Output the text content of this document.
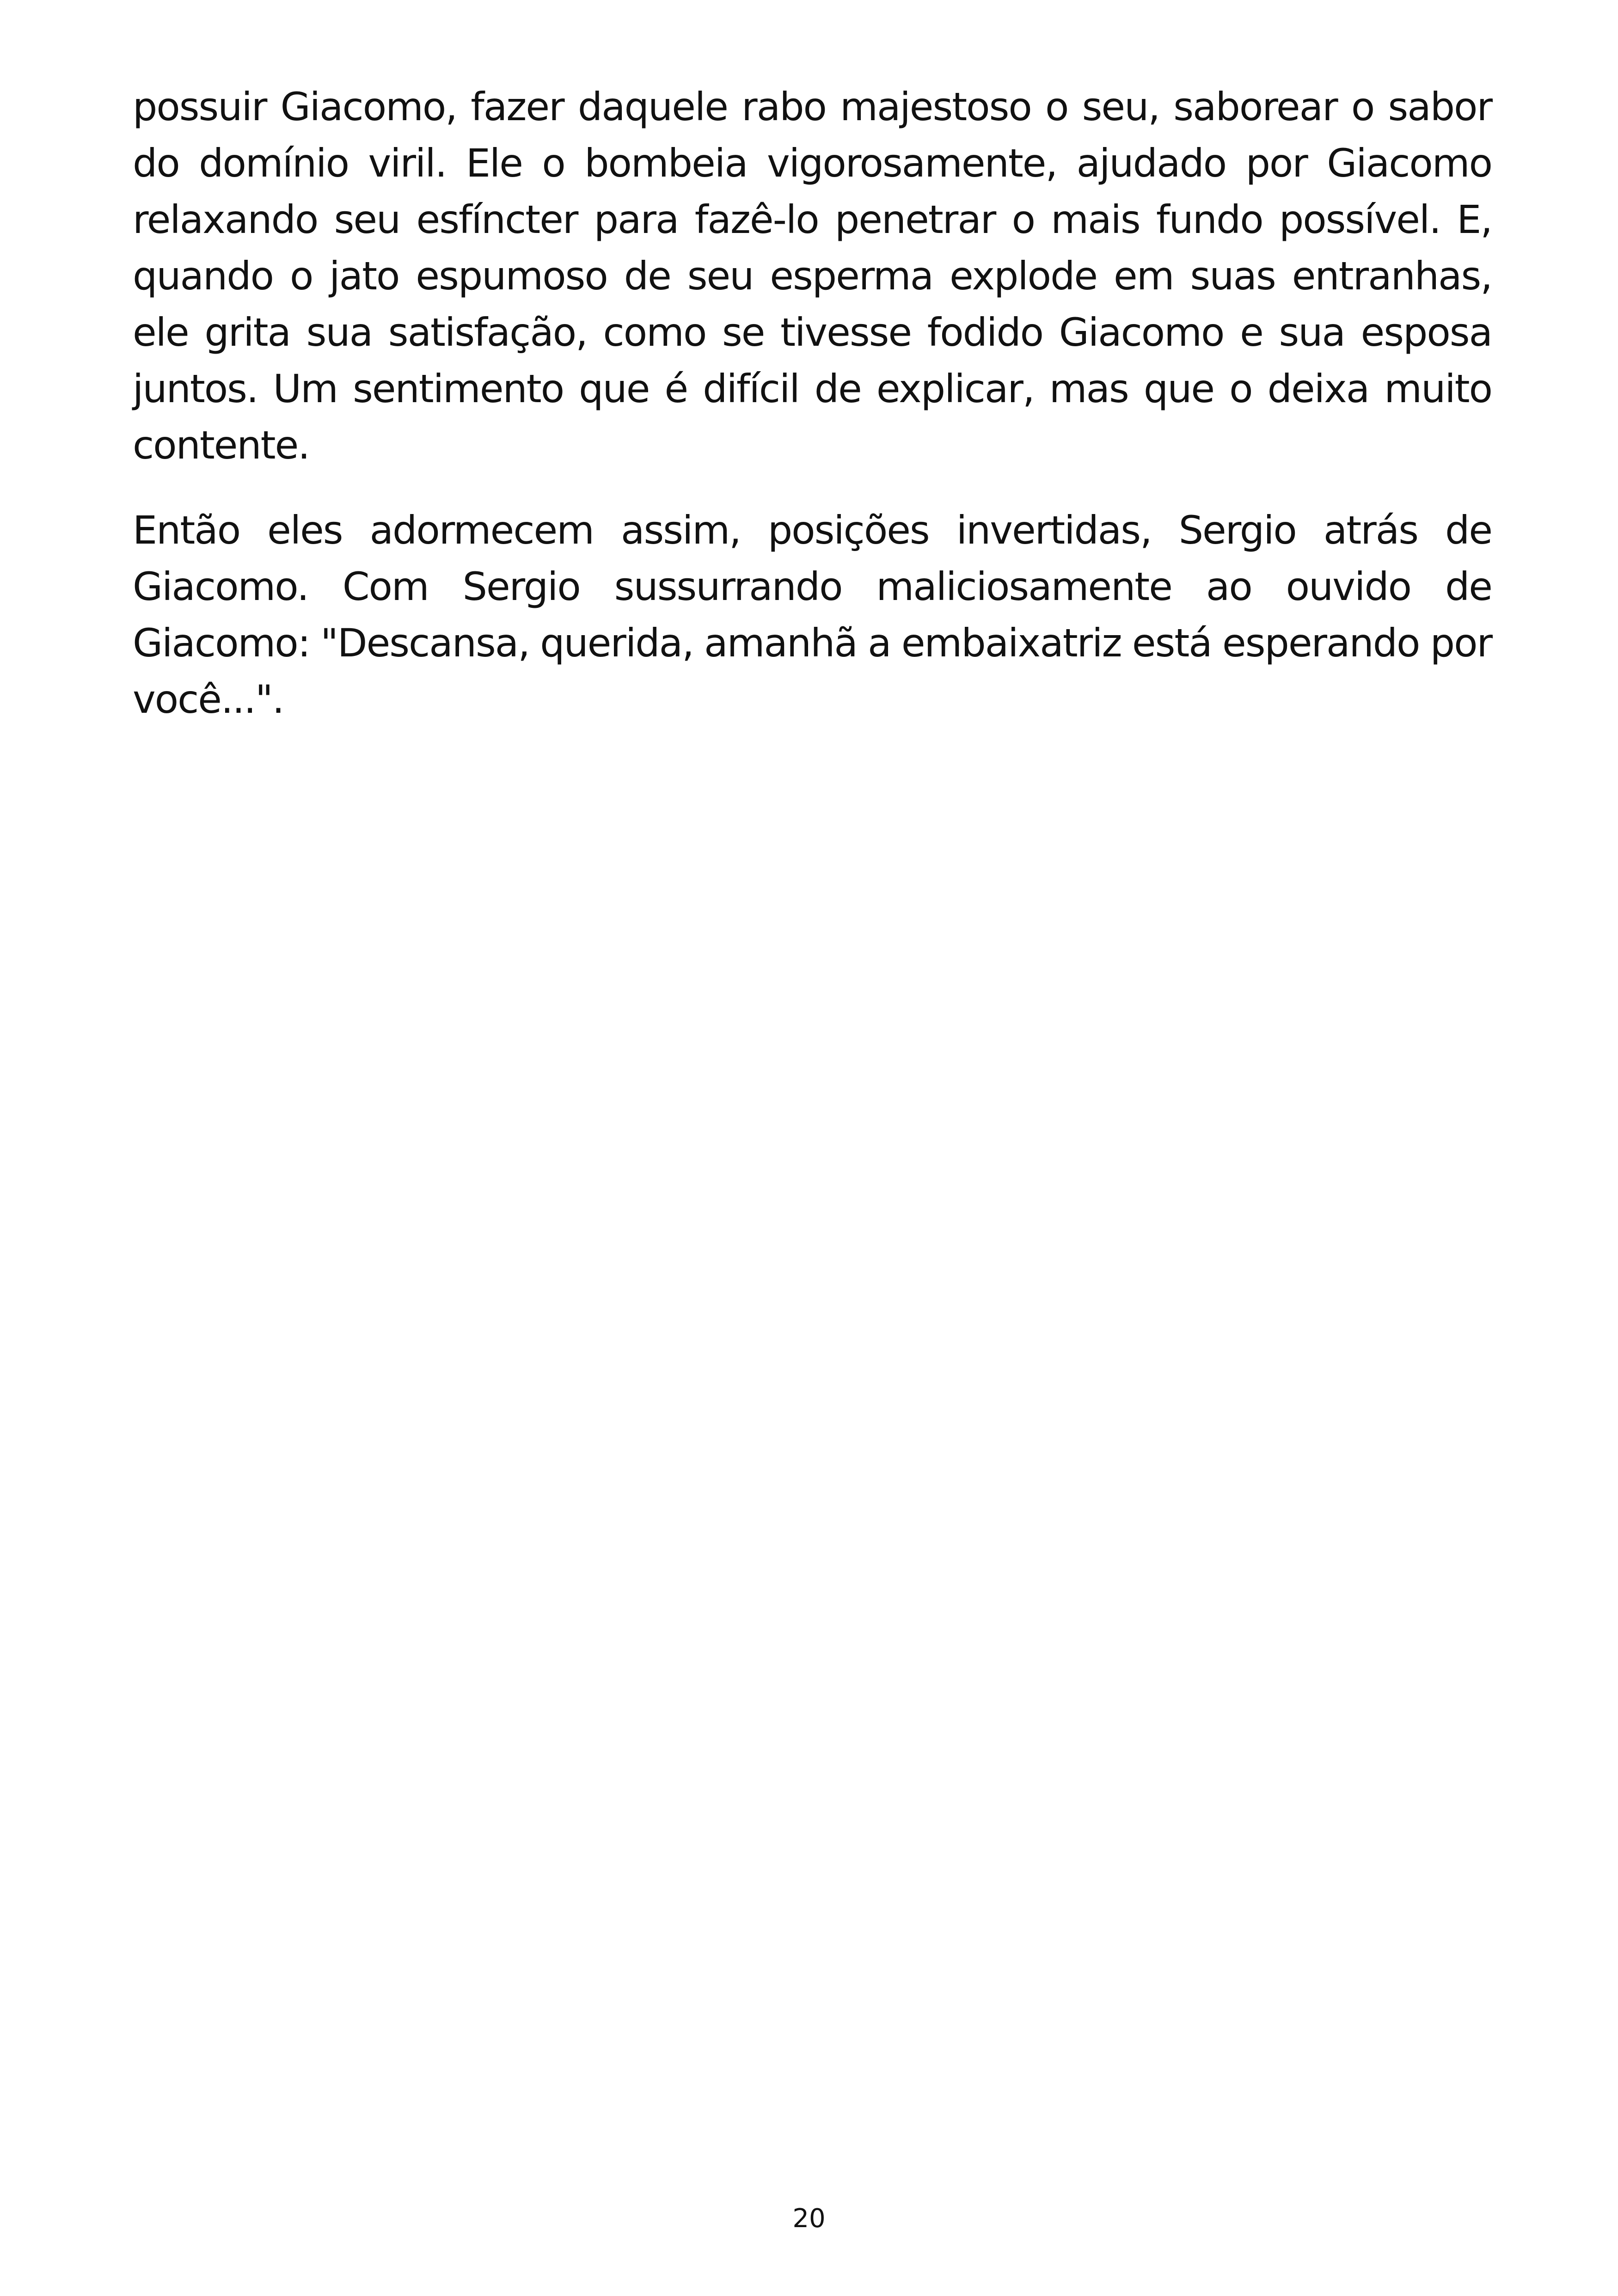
possuir Giacomo, fazer daquele rabo majestoso o seu, saborear o sabor do domínio viril. Ele o bombeia vigorosamente, ajudado por Giacomo relaxando seu esfíncter para fazê-lo penetrar o mais fundo possível. E, quando o jato espumoso de seu esperma explode em suas entranhas, ele grita sua satisfação, como se tivesse fodido Giacomo e sua esposa juntos. Um sentimento que é difícil de explicar, mas que o deixa muito contente.

Então eles adormecem assim, posições invertidas, Sergio atrás de Giacomo. Com Sergio sussurrando maliciosamente ao ouvido de Giacomo: "Descansa, querida, amanhã a embaixatriz está esperando por você...".

20
